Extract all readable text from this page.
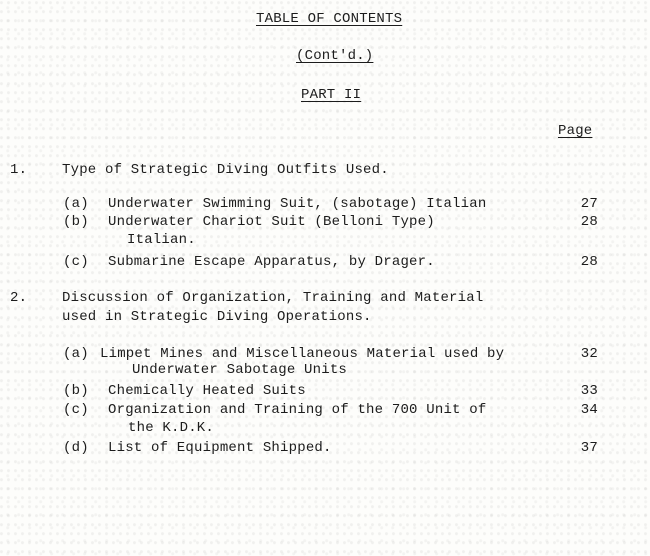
TABLE OF CONTENTS
(Cont'd.)
PART II
Page
1. Type of Strategic Diving Outfits Used.
(a) Underwater Swimming Suit, (sabotage) Italian	27
(b) Underwater Chariot Suit (Belloni Type)	28
Italian.
(c) Submarine Escape Apparatus, by Drager.	28
2. Discussion of Organization, Training and Material
used in Strategic Diving Operations.
(a) Limpet Mines and Miscellaneous Material used by	32
Underwater Sabotage Units
(b) Chemically Heated Suits	33
(c) Organization and Training of the 700 Unit of	34
the K.D.K.
(d) List of Equipment Shipped.	37
